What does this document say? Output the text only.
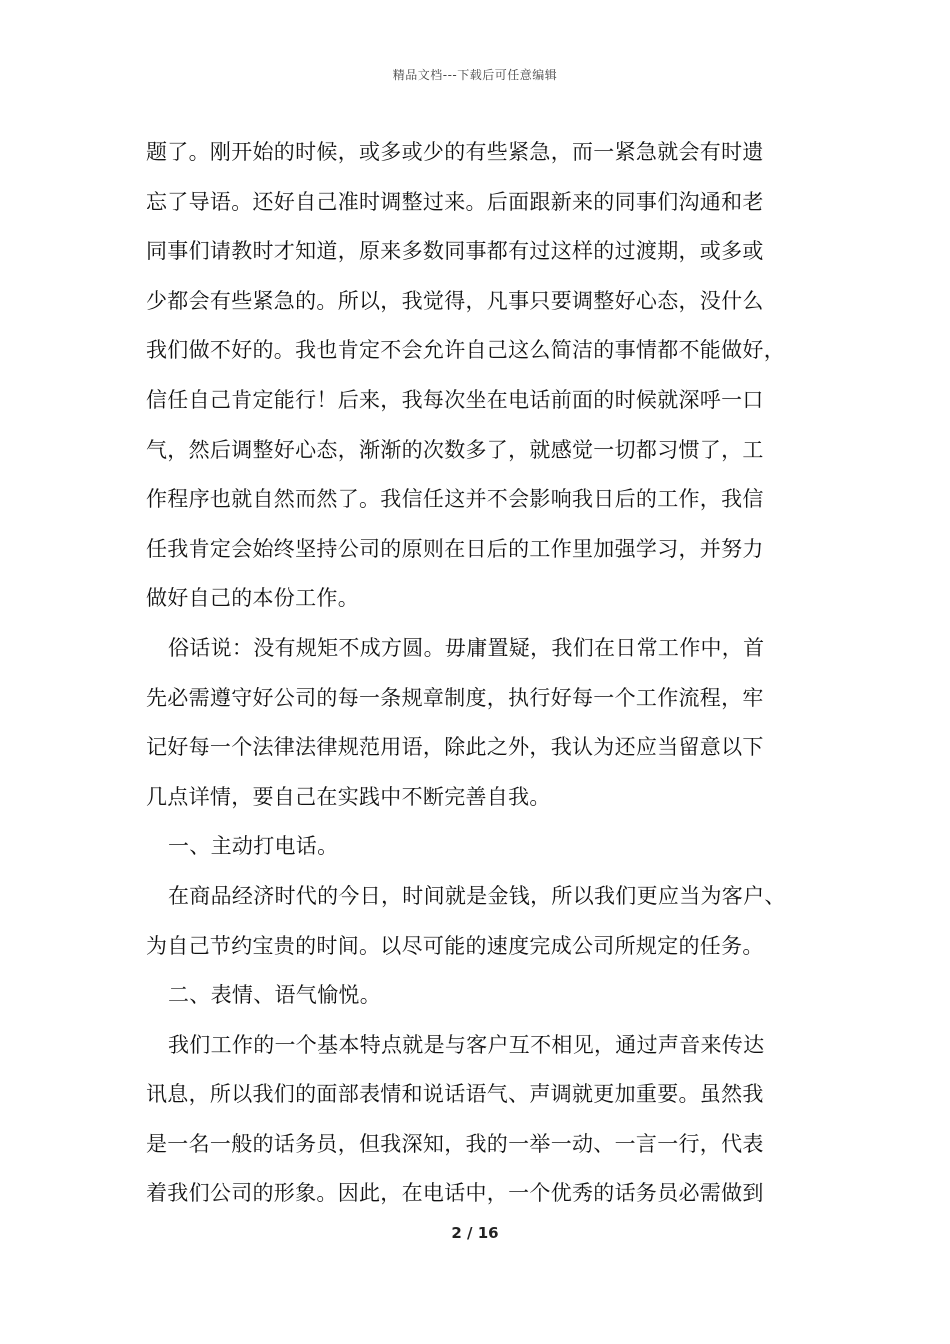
精品文档---下载后可任意编辑
题了。刚开始的时候，或多或少的有些紧急，而一紧急就会有时遗
忘了导语。还好自己准时调整过来。后面跟新来的同事们沟通和老
同事们请教时才知道，原来多数同事都有过这样的过渡期，或多或
少都会有些紧急的。所以，我觉得，凡事只要调整好心态，没什么
我们做不好的。我也肯定不会允许自己这么简洁的事情都不能做好，
信任自己肯定能行！后来，我每次坐在电话前面的时候就深呼一口
气，然后调整好心态，渐渐的次数多了，就感觉一切都习惯了，工
作程序也就自然而然了。我信任这并不会影响我日后的工作，我信
任我肯定会始终坚持公司的原则在日后的工作里加强学习，并努力
做好自己的本份工作。
俗话说：没有规矩不成方圆。毋庸置疑，我们在日常工作中，首
先必需遵守好公司的每一条规章制度，执行好每一个工作流程，牢
记好每一个法律法律规范用语，除此之外，我认为还应当留意以下
几点详情，要自己在实践中不断完善自我。
一、主动打电话。
在商品经济时代的今日，时间就是金钱，所以我们更应当为客户、
为自己节约宝贵的时间。以尽可能的速度完成公司所规定的任务。
二、表情、语气愉悦。
我们工作的一个基本特点就是与客户互不相见，通过声音来传达
讯息，所以我们的面部表情和说话语气、声调就更加重要。虽然我
是一名一般的话务员，但我深知，我的一举一动、一言一行，代表
着我们公司的形象。因此，在电话中，一个优秀的话务员必需做到
2 / 16
